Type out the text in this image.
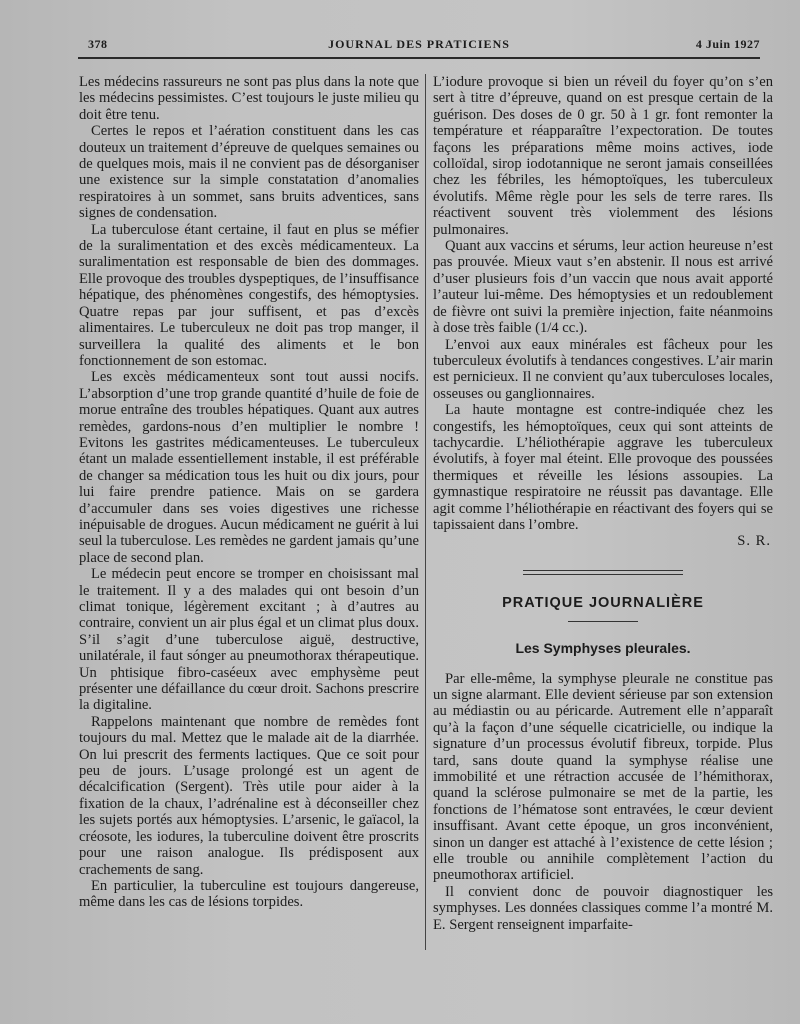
378	JOURNAL DES PRATICIENS	4 Juin 1927

Les médecins rassureurs ne sont pas plus dans la note que les médecins pessimistes. C’est toujours le juste milieu qu doit être tenu.

Certes le repos et l’aération constituent dans les cas douteux un traitement d’épreuve de quelques semaines ou de quelques mois, mais il ne convient pas de désorganiser une existence sur la simple constatation d’anomalies respiratoires à un sommet, sans bruits adventices, sans signes de condensation.

La tuberculose étant certaine, il faut en plus se méfier de la suralimentation et des excès médicamenteux. La suralimentation est responsable de bien des dommages. Elle provoque des troubles dyspeptiques, de l’insuffisance hépatique, des phénomènes congestifs, des hémoptysies. Quatre repas par jour suffisent, et pas d’excès alimentaires. Le tuberculeux ne doit pas trop manger, il surveillera la qualité des aliments et le bon fonctionnement de son estomac.

Les excès médicamenteux sont tout aussi nocifs. L’absorption d’une trop grande quantité d’huile de foie de morue entraîne des troubles hépatiques. Quant aux autres remèdes, gardons-nous d’en multiplier le nombre ! Evitons les gastrites médicamenteuses. Le tuberculeux étant un malade essentiellement instable, il est préférable de changer sa médication tous les huit ou dix jours, pour lui faire prendre patience. Mais on se gardera d’accumuler dans ses voies digestives une richesse inépuisable de drogues. Aucun médicament ne guérit à lui seul la tuberculose. Les remèdes ne gardent jamais qu’une place de second plan.

Le médecin peut encore se tromper en choisissant mal le traitement. Il y a des malades qui ont besoin d’un climat tonique, légèrement excitant ; à d’autres au contraire, convient un air plus égal et un climat plus doux. S’il s’agit d’une tuberculose aiguë, destructive, unilatérale, il faut sónger au pneumothorax thérapeutique. Un phtisique fibro-caséeux avec emphysème peut présenter une défaillance du cœur droit. Sachons prescrire la digitaline.

Rappelons maintenant que nombre de remèdes font toujours du mal. Mettez que le malade ait de la diarrhée. On lui prescrit des ferments lactiques. Que ce soit pour peu de jours. L’usage prolongé est un agent de décalcification (Sergent). Très utile pour aider à la fixation de la chaux, l’adrénaline est à déconseiller chez les sujets portés aux hémoptysies. L’arsenic, le gaïacol, la créosote, les iodures, la tuberculine doivent être proscrits pour une raison analogue. Ils prédisposent aux crachements de sang.

En particulier, la tuberculine est toujours dangereuse, même dans les cas de lésions torpides.

L’iodure provoque si bien un réveil du foyer qu’on s’en sert à titre d’épreuve, quand on est presque certain de la guérison. Des doses de 0 gr. 50 à 1 gr. font remonter la température et réapparaître l’expectoration. De toutes façons les préparations même moins actives, iode colloïdal, sirop iodotannique ne seront jamais conseillées chez les fébriles, les hémoptoïques, les tuberculeux évolutifs. Même règle pour les sels de terre rares. Ils réactivent souvent très violemment des lésions pulmonaires.

Quant aux vaccins et sérums, leur action heureuse n’est pas prouvée. Mieux vaut s’en abstenir. Il nous est arrivé d’user plusieurs fois d’un vaccin que nous avait apporté l’auteur lui-même. Des hémoptysies et un redoublement de fièvre ont suivi la première injection, faite néanmoins à dose très faible (1/4 cc.).

L’envoi aux eaux minérales est fâcheux pour les tuberculeux évolutifs à tendances congestives. L’air marin est pernicieux. Il ne convient qu’aux tuberculoses locales, osseuses ou ganglionnaires.

La haute montagne est contre-indiquée chez les congestifs, les hémoptoïques, ceux qui sont atteints de tachycardie. L’héliothérapie aggrave les tuberculeux évolutifs, à foyer mal éteint. Elle provoque des poussées thermiques et réveille les lésions assoupies. La gymnastique respiratoire ne réussit pas davantage. Elle agit comme l’héliothérapie en réactivant des foyers qui se tapissaient dans l’ombre.

S. R.

PRATIQUE JOURNALIÈRE
Les Symphyses pleurales.

Par elle-même, la symphyse pleurale ne constitue pas un signe alarmant. Elle devient sérieuse par son extension au médiastin ou au péricarde. Autrement elle n’apparaît qu’à la façon d’une séquelle cicatricielle, ou indique la signature d’un processus évolutif fibreux, torpide. Plus tard, sans doute quand la symphyse réalise une immobilité et une rétraction accusée de l’hémithorax, quand la sclérose pulmonaire se met de la partie, les fonctions de l’hématose sont entravées, le cœur devient insuffisant. Avant cette époque, un gros inconvénient, sinon un danger est attaché à l’existence de cette lésion ; elle trouble ou annihile complètement l’action du pneumothorax artificiel.

Il convient donc de pouvoir diagnostiquer les symphyses. Les données classiques comme l’a montré M. E. Sergent renseignent imparfaite-
